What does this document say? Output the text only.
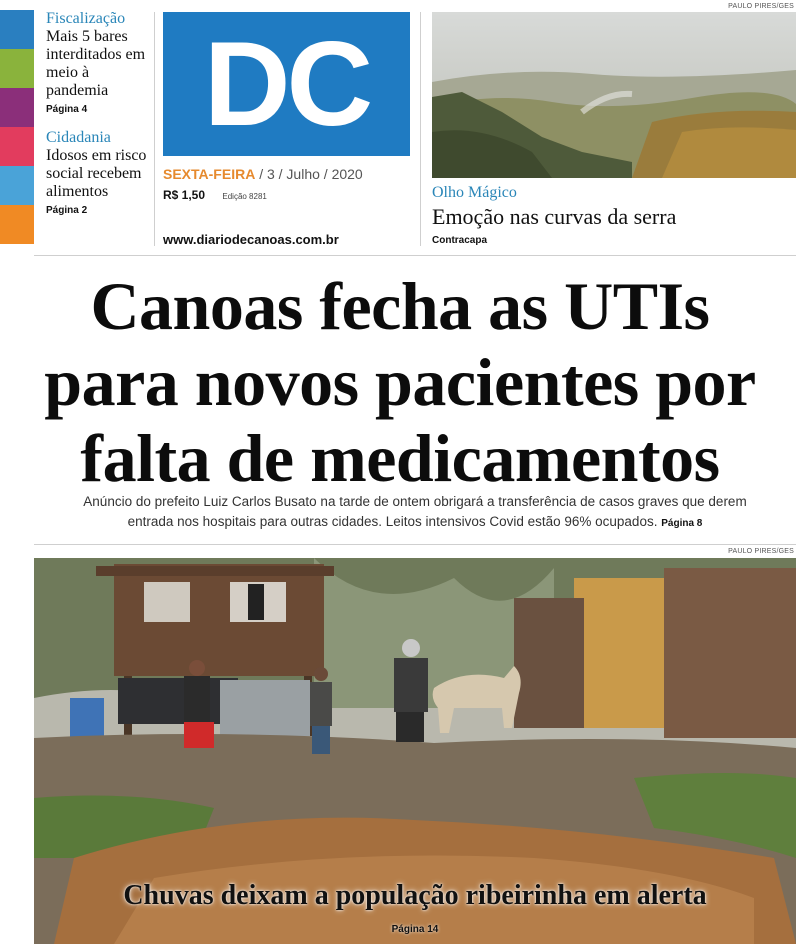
Fiscalização
Mais 5 bares interditados em meio à pandemia
Página 4
Cidadania
Idosos em risco social recebem alimentos
Página 2
DC
SEXTA-FEIRA / 3 / Julho / 2020
R$ 1,50 Edição 8281
www.diariodecanoas.com.br
PAULO PIRES/GES
Olho Mágico
Emoção nas curvas da serra
Contracapa
Canoas fecha as UTIs
para novos pacientes por
falta de medicamentos
Anúncio do prefeito Luiz Carlos Busato na tarde de ontem obrigará a transferência de casos graves que derem
entrada nos hospitais para outras cidades. Leitos intensivos Covid estão 96% ocupados. Página 8
PAULO PIRES/GES
Chuvas deixam a população ribeirinha em alerta
Página 14
